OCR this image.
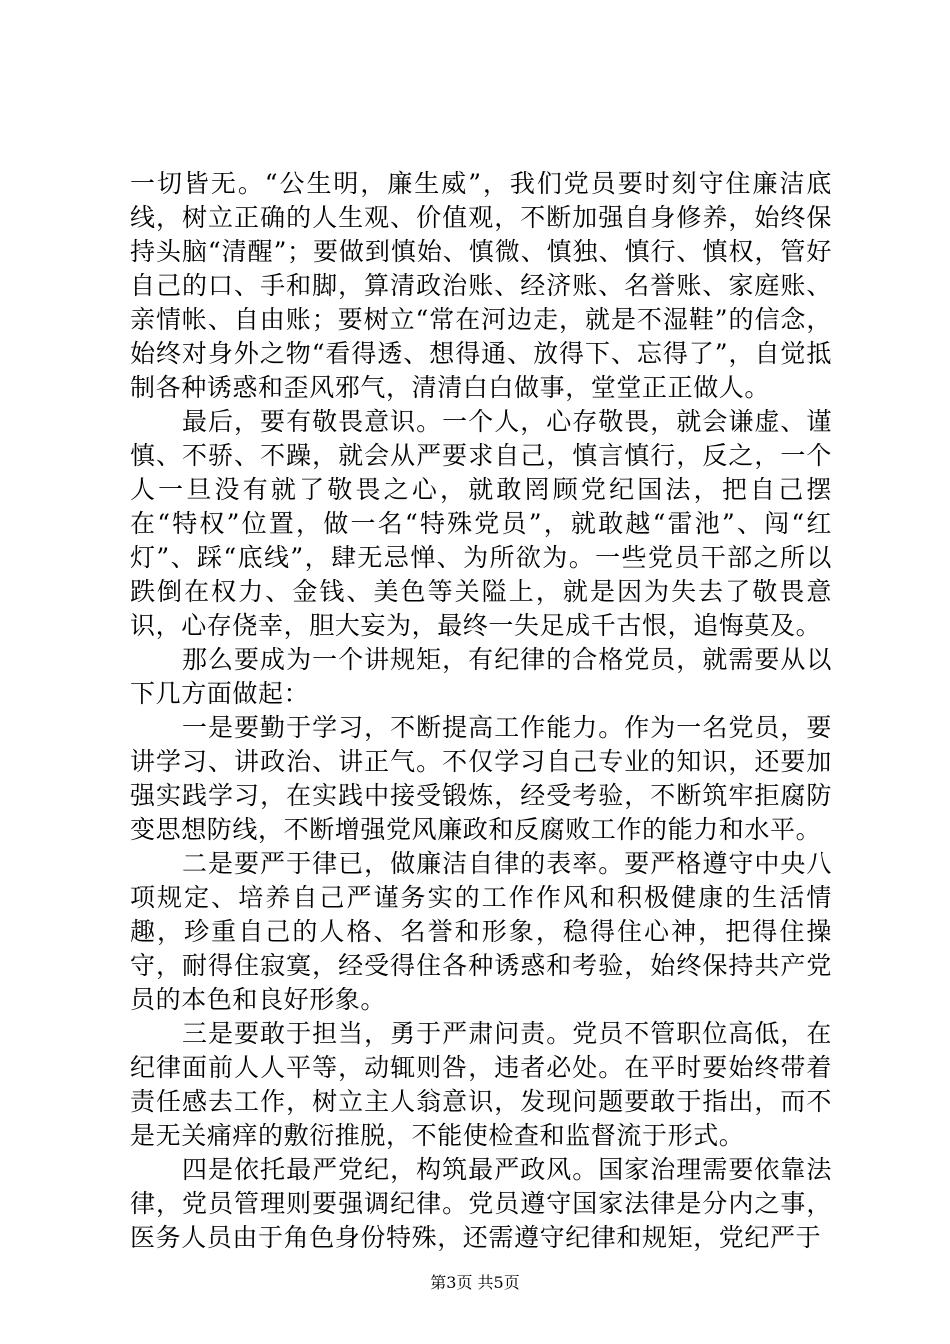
一切皆无。“公生明，廉生威”，我们党员要时刻守住廉洁底线，树立正确的人生观、价值观，不断加强自身修养，始终保持头脑“清醒”；要做到慎始、慎微、慎独、慎行、慎权，管好自己的口、手和脚，算清政治账、经济账、名誉账、家庭账、亲情帐、自由账；要树立“常在河边走，就是不湿鞋”的信念，始终对身外之物“看得透、想得通、放得下、忘得了”，自觉抵制各种诱惑和歪风邪气，清清白白做事，堂堂正正做人。

最后，要有敬畏意识。一个人，心存敬畏，就会谦虚、谨慎、不骄、不躁，就会从严要求自己，慎言慎行，反之，一个人一旦没有就了敬畏之心，就敢罔顾党纪国法，把自己摆在“特权”位置，做一名“特殊党员”，就敢越“雷池”、闯“红灯”、踩“底线”，肆无忌惮、为所欲为。一些党员干部之所以跌倒在权力、金钱、美色等关隘上，就是因为失去了敬畏意识，心存侥幸，胆大妄为，最终一失足成千古恨，追悔莫及。

那么要成为一个讲规矩，有纪律的合格党员，就需要从以下几方面做起：

一是要勤于学习，不断提高工作能力。作为一名党员，要讲学习、讲政治、讲正气。不仅学习自己专业的知识，还要加强实践学习，在实践中接受锻炼，经受考验，不断筑牢拒腐防变思想防线，不断增强党风廉政和反腐败工作的能力和水平。

二是要严于律已，做廉洁自律的表率。要严格遵守中央八项规定、培养自己严谨务实的工作作风和积极健康的生活情趣，珍重自己的人格、名誉和形象，稳得住心神，把得住操守，耐得住寂寞，经受得住各种诱惑和考验，始终保持共产党员的本色和良好形象。

三是要敢于担当，勇于严肃问责。党员不管职位高低，在纪律面前人人平等，动辄则咎，违者必处。在平时要始终带着责任感去工作，树立主人翁意识，发现问题要敢于指出，而不是无关痛痒的敷衍推脱，不能使检查和监督流于形式。

四是依托最严党纪，构筑最严政风。国家治理需要依靠法律，党员管理则要强调纪律。党员遵守国家法律是分内之事，医务人员由于角色身份特殊，还需遵守纪律和规矩，党纪严于

第3页 共5页
